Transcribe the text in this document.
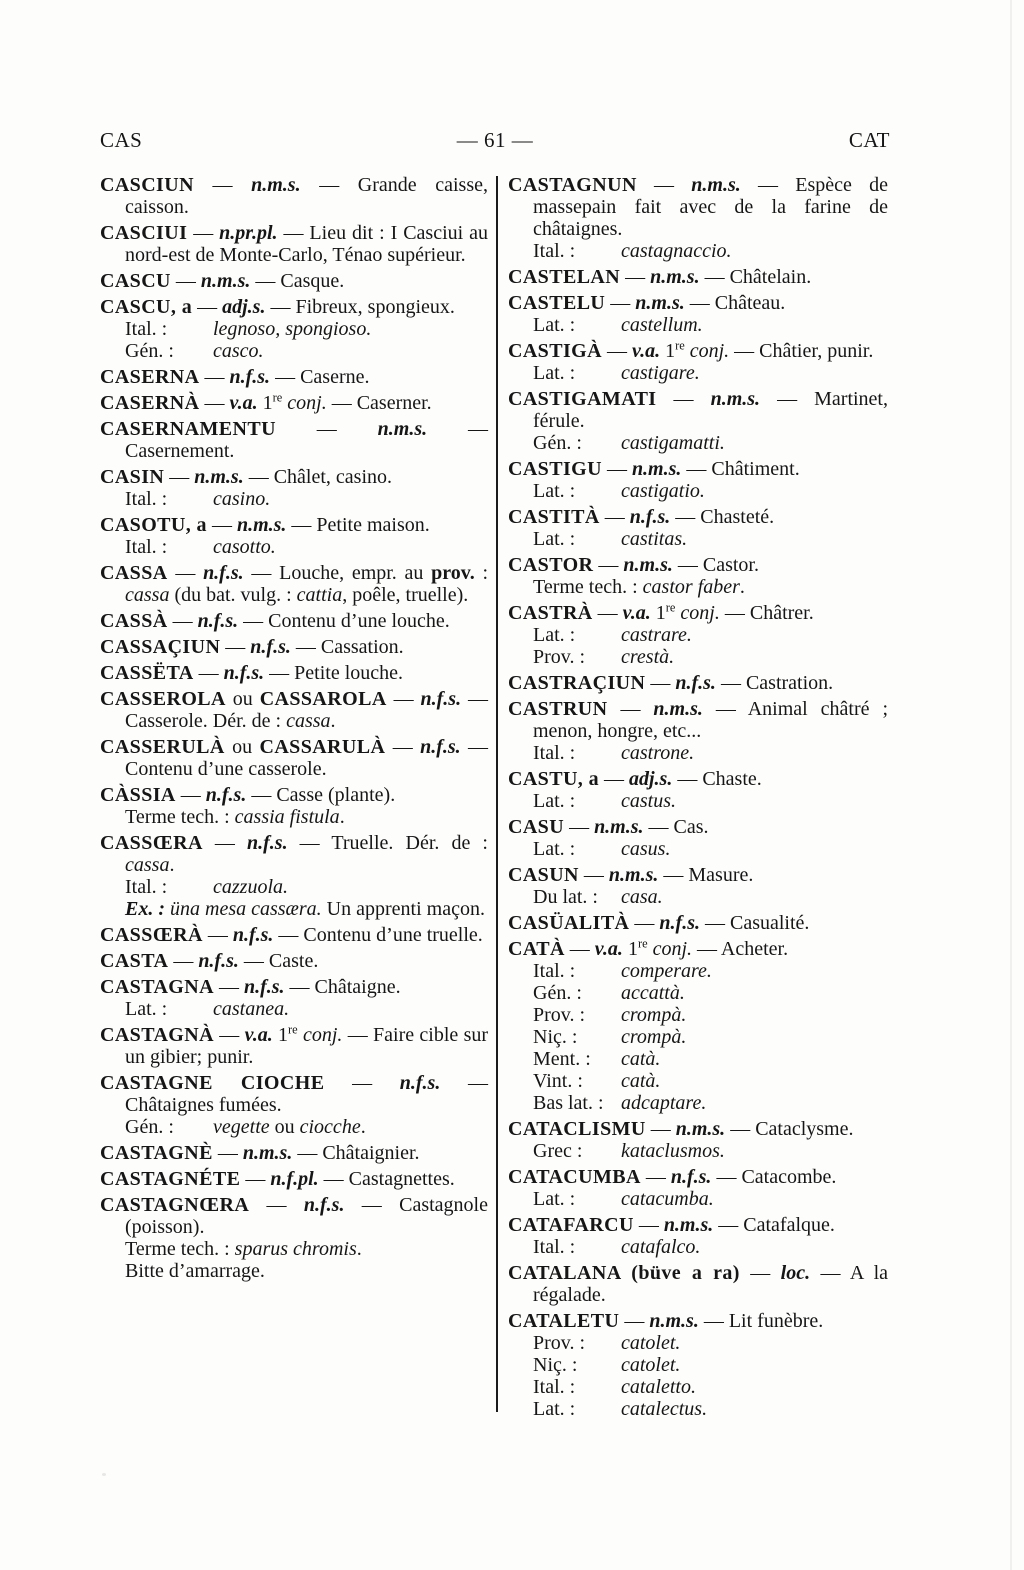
CAS	— 61 —	CAT

CASCIUN — n.m.s. — Grande caisse, caisson.

CASCIUI — n.pr.pl. — Lieu dit : I Casciui au nord-est de Monte-Carlo, Ténao supérieur.

CASCU — n.m.s. — Casque.

CASCU, a — adj.s. — Fibreux, spongieux.

Ital. : legnoso, spongioso.

Gén. : casco.

CASERNA — n.f.s. — Caserne.

CASERNÀ — v.a. 1re conj. — Caserner.

CASERNAMENTU — n.m.s. — Casernement.

CASIN — n.m.s. — Châlet, casino.

Ital. : casino.

CASOTU, a — n.m.s. — Petite maison.

Ital. : casotto.

CASSA — n.f.s. — Louche, empr. au prov. : cassa (du bat. vulg. : cattia, poêle, truelle).

CASSÀ — n.f.s. — Contenu d’une louche.

CASSAÇIUN — n.f.s. — Cassation.

CASSËTA — n.f.s. — Petite louche.

CASSEROLA ou CASSAROLA — n.f.s. — Casserole. Dér. de : cassa.

CASSERULÀ ou CASSARULÀ — n.f.s. — Contenu d’une casserole.

CÀSSIA — n.f.s. — Casse (plante).

Terme tech. : cassia fistula.

CASSŒRA — n.f.s. — Truelle. Dér. de : cassa.

Ital. : cazzuola.

Ex. : üna mesa cassæra. Un apprenti maçon.

CASSŒRÀ — n.f.s. — Contenu d’une truelle.

CASTA — n.f.s. — Caste.

CASTAGNA — n.f.s. — Châtaigne.

Lat. : castanea.

CASTAGNÀ — v.a. 1re conj. — Faire cible sur un gibier; punir.

CASTAGNE CIOCHE — n.f.s. — Châtaignes fumées.

Gén. : vegette ou ciocche.

CASTAGNÈ — n.m.s. — Châtaignier.

CASTAGNÉTE — n.f.pl. — Castagnettes.

CASTAGNŒRA — n.f.s. — Castagnole (poisson).

Terme tech. : sparus chromis.

Bitte d’amarrage.

CASTAGNUN — n.m.s. — Espèce de massepain fait avec de la farine de châtaignes.

Ital. : castagnaccio.

CASTELAN — n.m.s. — Châtelain.

CASTELU — n.m.s. — Château.

Lat. : castellum.

CASTIGÀ — v.a. 1re conj. — Châtier, punir.

Lat. : castigare.

CASTIGAMATI — n.m.s. — Martinet, férule.

Gén. : castigamatti.

CASTIGU — n.m.s. — Châtiment.

Lat. : castigatio.

CASTITÀ — n.f.s. — Chasteté.

Lat. : castitas.

CASTOR — n.m.s. — Castor.

Terme tech. : castor faber.

CASTRÀ — v.a. 1re conj. — Châtrer.

Lat. : castrare.

Prov. : crestà.

CASTRAÇIUN — n.f.s. — Castration.

CASTRUN — n.m.s. — Animal châtré ; menon, hongre, etc...

Ital. : castrone.

CASTU, a — adj.s. — Chaste.

Lat. : castus.

CASU — n.m.s. — Cas.

Lat. : casus.

CASUN — n.m.s. — Masure.

Du lat. : casa.

CASÜALITÀ — n.f.s. — Casualité.

CATÀ — v.a. 1re conj. — Acheter.

Ital. : comperare.

Gén. : accattà.

Prov. : crompà.

Niç. : crompà.

Ment. : catà.

Vint. : catà.

Bas lat. : adcaptare.

CATACLISMU — n.m.s. — Cataclysme.

Grec : kataclusmos.

CATACUMBA — n.f.s. — Catacombe.

Lat. : catacumba.

CATAFARCU — n.m.s. — Catafalque.

Ital. : catafalco.

CATALANA (büve a ra) — loc. — A la régalade.

CATALETU — n.m.s. — Lit funèbre.

Prov. : catolet.

Niç. : catolet.

Ital. : cataletto.

Lat. : catalectus.
